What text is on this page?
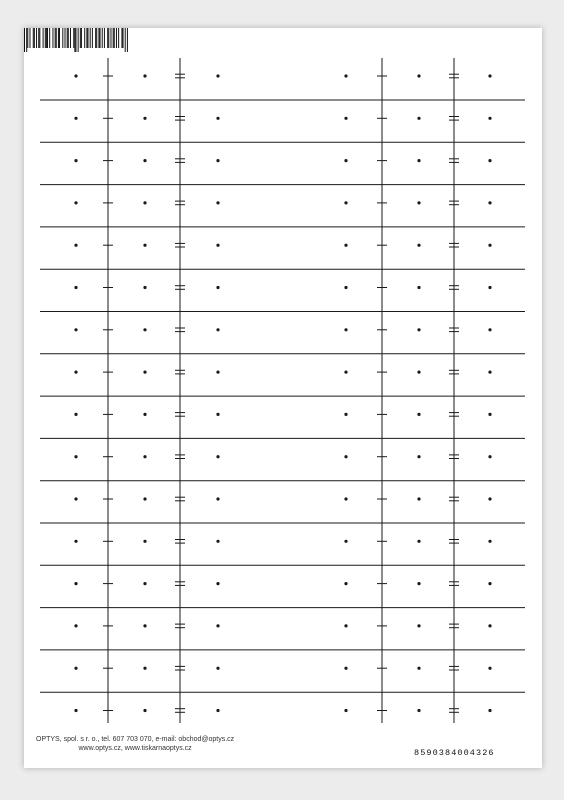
OPTYS, spol. s r. o., tel. 607 703 070, e-mail: obchod@optys.cz
www.optys.cz, www.tiskarnaoptys.cz	8590384004326
